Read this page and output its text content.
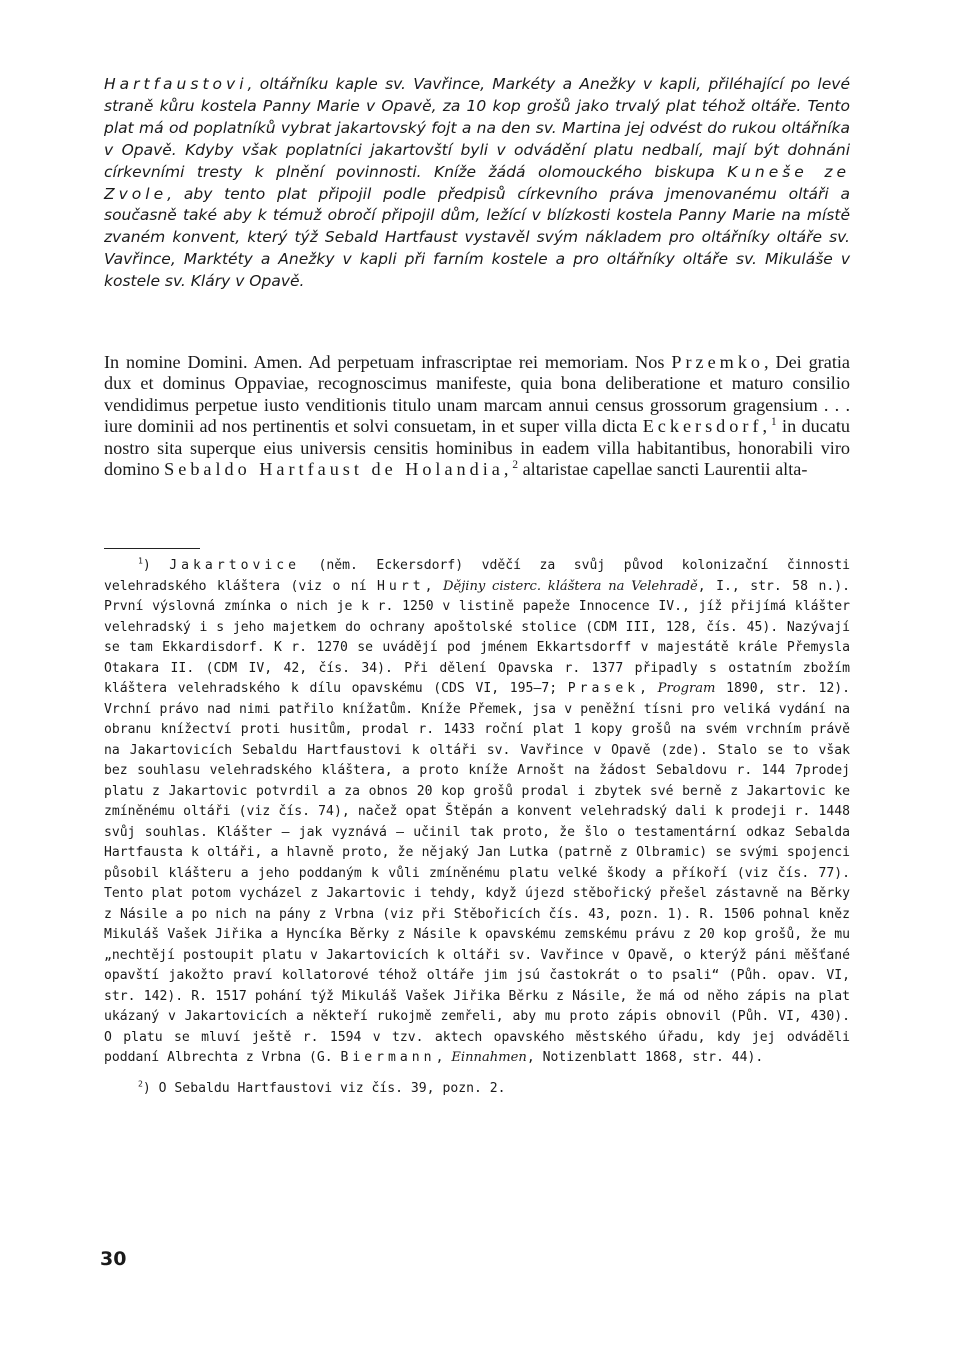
Hartfaustovi, oltářníku kaple sv. Vavřince, Markéty a Anežky v kapli, přiléhající po levé straně kůru kostela Panny Marie v Opavě, za 10 kop grošů jako trvalý plat téhož oltáře. Tento plat má od poplatníků vybrat jakartovský fojt a na den sv. Martina jej odvést do rukou oltářníka v Opavě. Kdyby však poplatníci jakartovští byli v odvádění platu nedbalí, mají být dohnáni církevními tresty k plnění povinnosti. Kníže žádá olomouckého biskupa Kuneše ze Zvole, aby tento plat připojil podle předpisů církevního práva jmenovanému oltáři a současně také aby k témuž obročí připojil dům, ležící v blízkosti kostela Panny Marie na místě zvaném konvent, který týž Sebald Hartfaust vystavěl svým nákladem pro oltářníky oltáře sv. Vavřince, Marktéty a Anežky v kapli při farním kostele a pro oltářníky oltáře sv. Mikuláše v kostele sv. Kláry v Opavě.
In nomine Domini. Amen. Ad perpetuam infrascriptae rei memoriam. Nos Przemko, Dei gratia dux et dominus Oppaviae, recognoscimus manifeste, quia bona deliberatione et maturo consilio vendidimus perpetue iusto venditionis titulo unam marcam annui census grossorum gragensium . . . iure dominii ad nos pertinentis et solvi consuetam, in et super villa dicta Eckersdorf,$^1$ in ducatu nostro sita superque eius universis censitis hominibus in eadem villa habitantibus, honorabili viro domino Sebaldo Hartfaust de Holandia,$^2$ altaristae capellae sancti Laurentii alta-

$^1$) Jakartovice (něm. Eckersdorf) vděčí za svůj původ kolonizační činnosti velehradského kláštera (viz o ní Hurt, Dějiny cisterc. kláštera na Velehradě, I., str. 58 n.). První výslovná zmínka o nich je k r. 1250 v listině papeže Innocence IV., jíž přijímá klášter velehradský i s jeho majetkem do ochrany apoštolské stolice (CDM III, 128, čís. 45). Nazývají se tam Ekkardisdorf. K r. 1270 se uvádějí pod jménem Ekkartsdorff v majestátě krále Přemysla Otakara II. (CDM IV, 42, čís. 34). Při dělení Opavska r. 1377 připadly s ostatním zbožím kláštera velehradského k dílu opavskému (CDS VI, 195—7; Prasek, Program 1890, str. 12). Vrchní právo nad nimi patřilo knížatům. Kníže Přemek, jsa v peněžní tísni pro veliká vydání na obranu knížectví proti husitům, prodal r. 1433 roční plat 1 kopy grošů na svém vrchním právě na Jakartovicích Sebaldu Hartfaustovi k oltáři sv. Vavřince v Opavě (zde). Stalo se to však bez souhlasu velehradského kláštera, a proto kníže Arnošt na žádost Sebaldovu r. 144 7prodej platu z Jakartovic potvrdil a za obnos 20 kop grošů prodal i zbytek své berně z Jakartovic ke zmíněnému oltáři (viz čís. 74), načež opat Štěpán a konvent velehradský dali k prodeji r. 1448 svůj souhlas. Klášter — jak vyznává — učinil tak proto, že šlo o testamentární odkaz Sebalda Hartfausta k oltáři, a hlavně proto, že nějaký Jan Lutka (patrně z Olbramic) se svými spojenci působil klášteru a jeho poddaným k vůli zmíněnému platu velké škody a příkoří (viz čís. 77). Tento plat potom vycházel z Jakartovic i tehdy, když újezd stěbořický přešel zástavně na Běrky z Násile a po nich na pány z Vrbna (viz při Stěbořicích čís. 43, pozn. 1). R. 1506 pohnal kněz Mikuláš Vašek Jiřika a Hyncíka Běrky z Násile k opavskému zemskému právu z 20 kop grošů, že mu „nechtějí postoupit platu v Jakartovicích k oltáři sv. Vavřince v Opavě, o kterýž páni měšťané opavští jakožto praví kollatorové téhož oltáře jim jsú častokrát o to psali“ (Půh. opav. VI, str. 142). R. 1517 pohání týž Mikuláš Vašek Jiřika Běrku z Násile, že má od něho zápis na plat ukázaný v Jakartovicích a někteří rukojmě zemřeli, aby mu proto zápis obnovil (Půh. VI, 430). O platu se mluví ještě r. 1594 v tzv. aktech opavského městského úřadu, kdy jej odváděli poddaní Albrechta z Vrbna (G. Biermann, Einnahmen, Notizenblatt 1868, str. 44).

$^2$) O Sebaldu Hartfaustovi viz čís. 39, pozn. 2.

30
